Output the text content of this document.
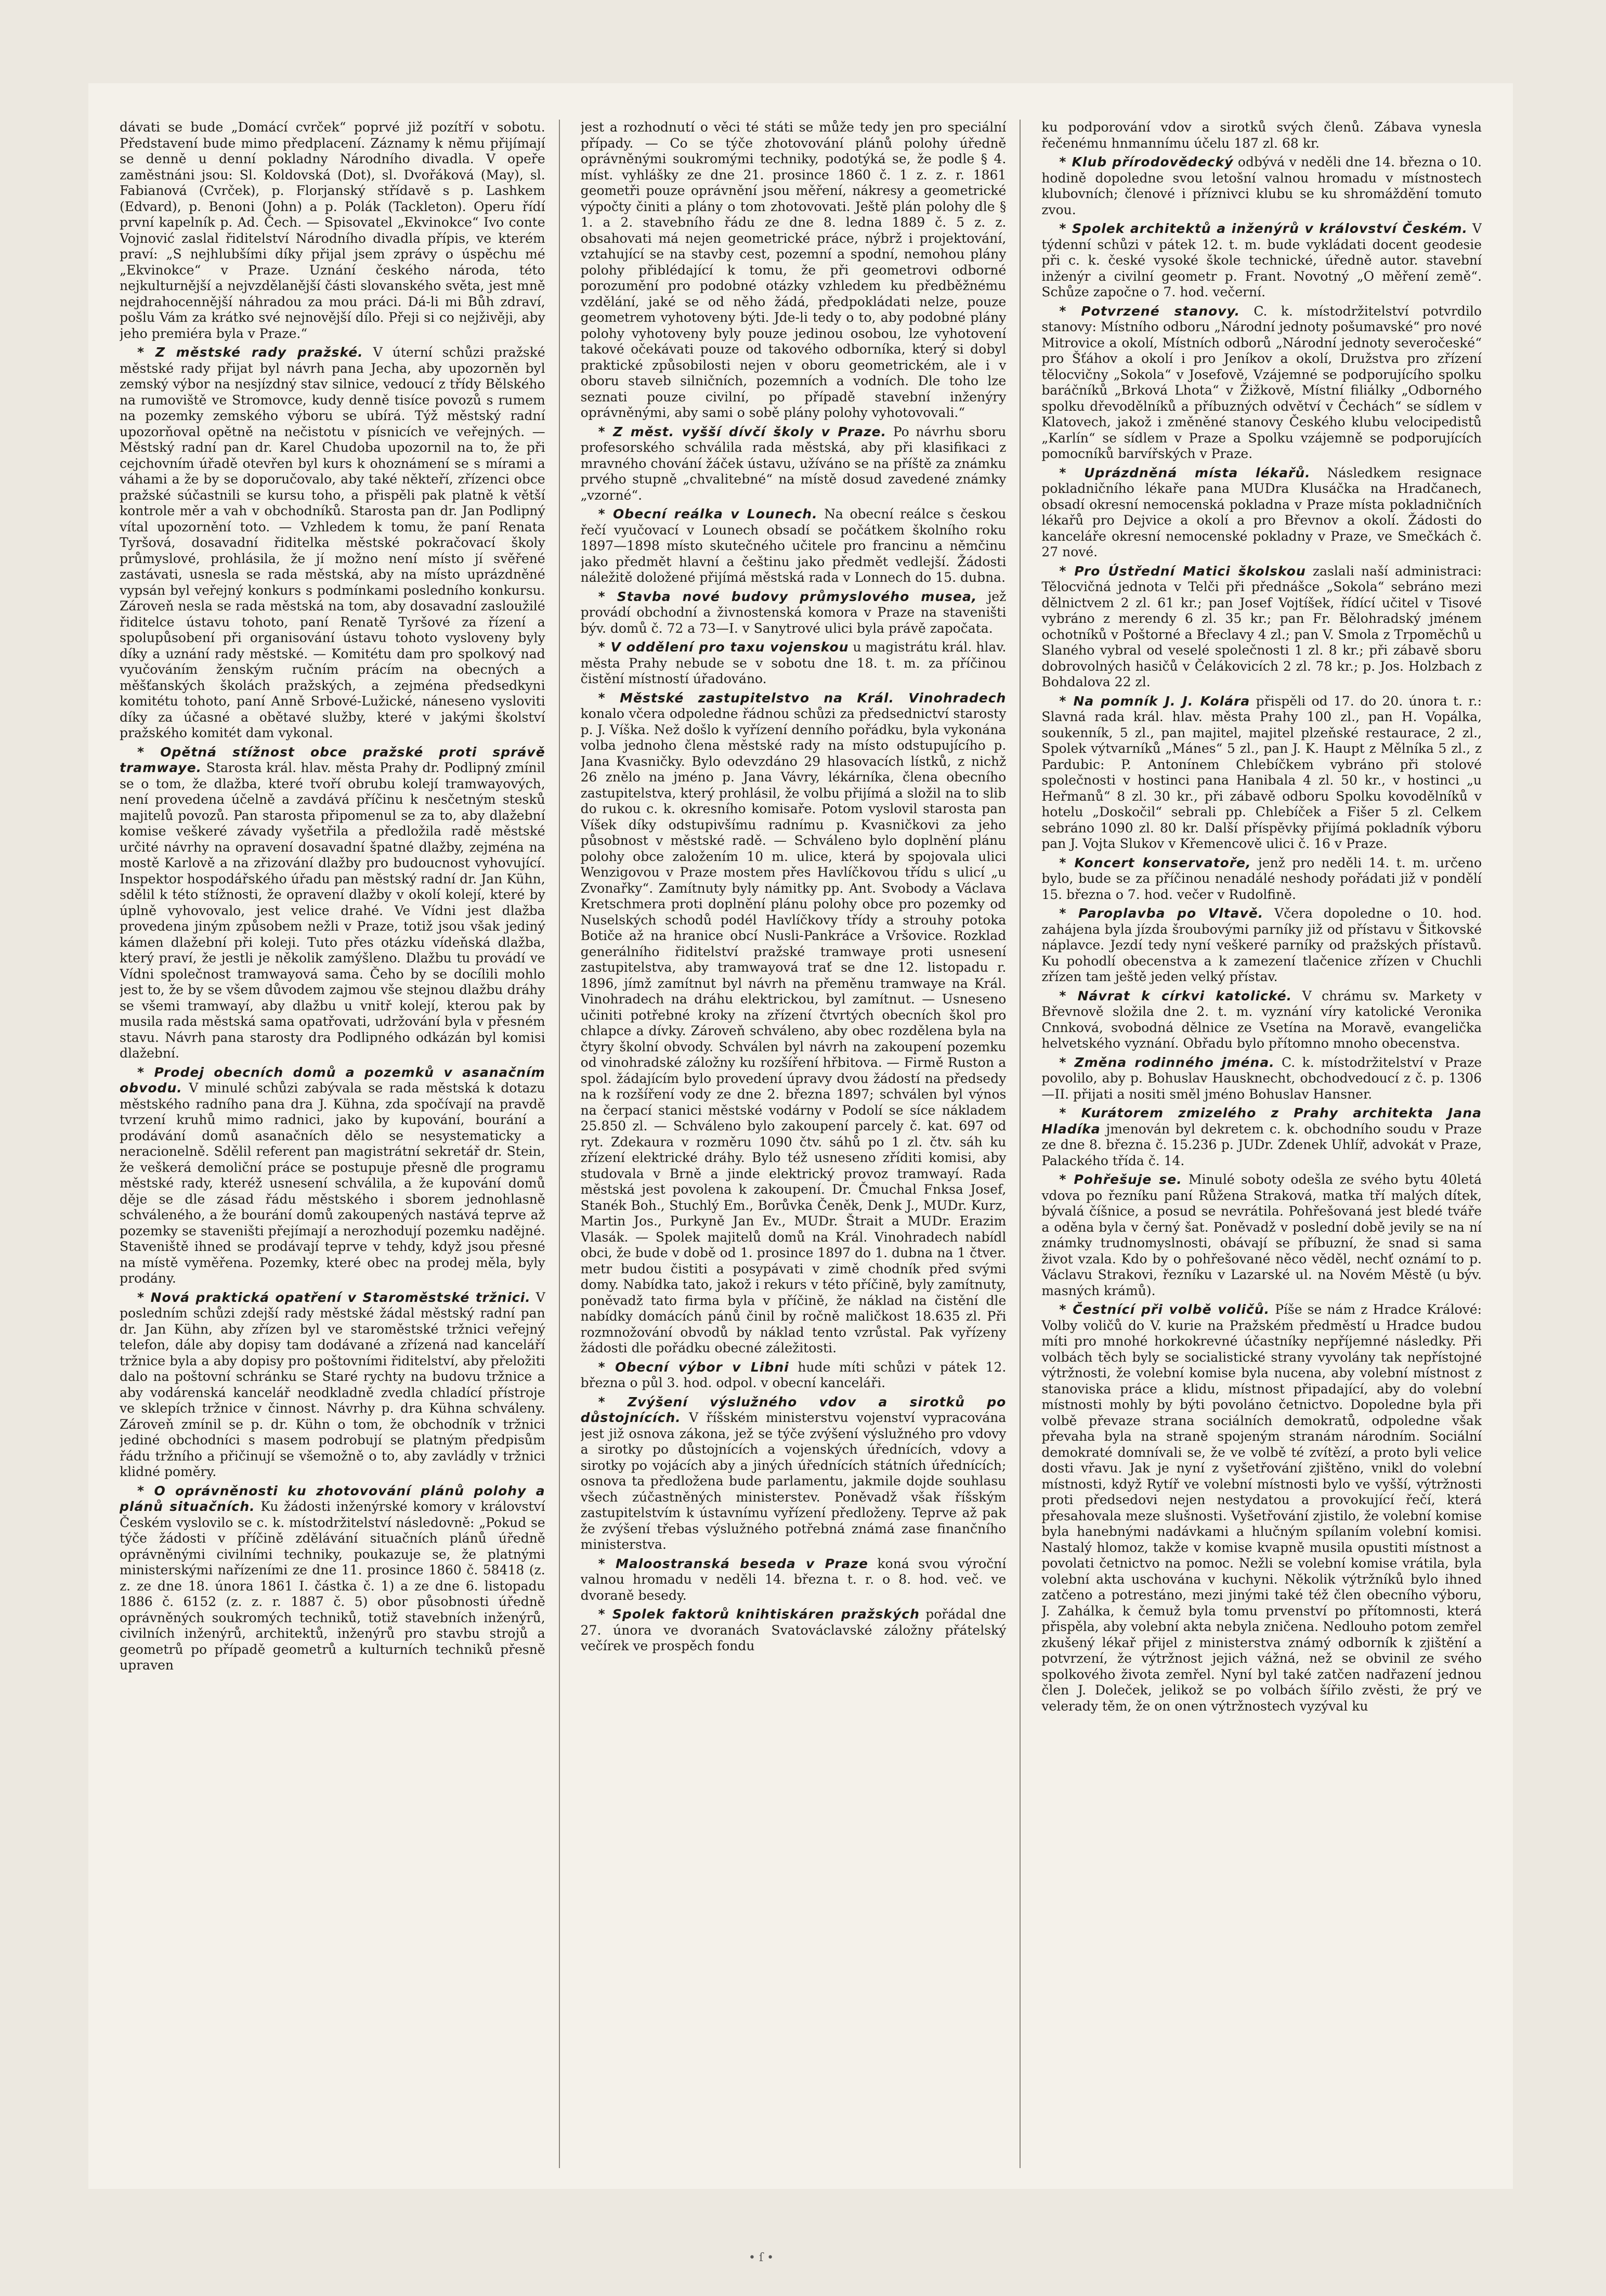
dávati se bude „Domácí cvrček“ poprvé již pozítří v sobotu. Představení bude mimo předplacení. Záznamy k němu přijímají se denně u denní pokladny Národního divadla. V opeře zaměstnáni jsou: Sl. Koldovská (Dot), sl. Dvořáková (May), sl. Fabianová (Cvrček), p. Florjanský střídavě s p. Lashkem (Edvard), p. Benoni (John) a p. Polák (Tackleton). Operu řídí první kapelník p. Ad. Čech. — Spisovatel „Ekvinokce“ Ivo conte Vojnović zaslal řiditelství Národního divadla přípis, ve kterém praví: „S nejhlubšími díky přijal jsem zprávy o úspěchu mé „Ekvinokce“ v Praze. Uznání českého národa, této nejkulturnější a nejvzdělanější části slovanského světa, jest mně nejdrahocennější náhradou za mou práci. Dá-li mi Bůh zdraví, pošlu Vám za krátko své nejnovější dílo. Přeji si co nejživěji, aby jeho premiéra byla v Praze.“

* Z městské rady pražské. V úterní schůzi pražské městské rady přijat byl návrh pana Jecha, aby upozorněn byl zemský výbor na nesjízdný stav silnice, vedoucí z třídy Bělského na rumoviště ve Stromovce, kudy denně tisíce povozů s rumem na pozemky zemského výboru se ubírá. Týž městský radní upozorňoval opětně na nečistotu v písnicích ve veřejných. — Městský radní pan dr. Karel Chudoba upozornil na to, že při cejchovním úřadě otevřen byl kurs k ohoznámení se s mírami a váhami a že by se doporučovalo, aby také někteří, zřízenci obce pražské súčastnili se kursu toho, a přispěli pak platně k větší kontrole měr a vah v obchodníků. Starosta pan dr. Jan Podlipný vítal upozornění toto. — Vzhledem k tomu, že paní Renata Tyršová, dosavadní řiditelka městské pokračovací školy průmyslové, prohlásila, že jí možno není místo jí svěřené zastávati, usnesla se rada městská, aby na místo uprázdněné vypsán byl veřejný konkurs s podmínkami posledního konkursu. Zároveň nesla se rada městská na tom, aby dosavadní zasloužilé řiditelce ústavu tohoto, paní Renatě Tyršové za řízení a spolupůsobení při organisování ústavu tohoto vysloveny byly díky a uznání rady městské. — Komitétu dam pro spolkový nad vyučováním ženským ručním prácím na obecných a měšťanských školách pražských, a zejména předsedkyni komitétu tohoto, paní Anně Srbové-Lužické, náneseno vysloviti díky za účasné a obětavé služby, které v jakými školství pražského komitét dam vykonal.

* Opětná stížnost obce pražské proti správě tramwaye. Starosta král. hlav. města Prahy dr. Podlipný zmínil se o tom, že dlažba, které tvoří obrubu kolejí tramwayových, není provedena účelně a zavdává příčinu k nesčetným stesků majitelů povozů. Pan starosta připomenul se za to, aby dlažební komise veškeré závady vyšetřila a předložila radě městské určité návrhy na opravení dosavadní špatné dlažby, zejména na mostě Karlově a na zřizování dlažby pro budoucnost vyhovující. Inspektor hospodářského úřadu pan městský radní dr. Jan Kühn, sdělil k této stížnosti, že opravení dlažby v okolí kolejí, které by úplně vyhovovalo, jest velice drahé. Ve Vídni jest dlažba provedena jiným způsobem nežli v Praze, totiž jsou však jediný kámen dlažební při koleji. Tuto přes otázku vídeňská dlažba, který praví, že jestli je několik zamýšleno. Dlažbu tu provádí ve Vídni společnost tramwayová sama. Čeho by se docílili mohlo jest to, že by se všem důvodem zajmou vše stejnou dlažbu dráhy se všemi tramwayí, aby dlažbu u vnitř kolejí, kterou pak by musila rada městská sama opatřovati, udržování byla v přesném stavu. Návrh pana starosty dra Podlipného odkázán byl komisi dlažební.

* Prodej obecních domů a pozemků v asanačním obvodu. V minulé schůzi zabývala se rada městská k dotazu městského radního pana dra J. Kühna, zda spočívají na pravdě tvrzení kruhů mimo radnici, jako by kupování, bourání a prodávání domů asanačních dělo se nesystematicky a neracionelně. Sdělil referent pan magistrátní sekretář dr. Stein, že veškerá demoliční práce se postupuje přesně dle programu městské rady, kteréž usnesení schválila, a že kupování domů děje se dle zásad řádu městského i sborem jednohlasně schváleného, a že bourání domů zakoupených nastává teprve až pozemky se staveništi přejímají a nerozhodují pozemku nadějné. Staveniště ihned se prodávají teprve v tehdy, když jsou přesné na místě vyměřena. Pozemky, které obec na prodej měla, byly prodány.

* Nová praktická opatření v Staroměstské tržnici. V posledním schůzi zdejší rady městské žádal městský radní pan dr. Jan Kühn, aby zřízen byl ve staroměstské tržnici veřejný telefon, dále aby dopisy tam dodávané a zřízená nad kanceláří tržnice byla a aby dopisy pro poštovními řiditelství, aby přeložiti dalo na poštovní schránku se Staré rychty na budovu tržnice a aby vodárenská kancelář neodkladně zvedla chladící přístroje ve sklepích tržnice v činnost. Návrhy p. dra Kühna schváleny. Zároveň zmínil se p. dr. Kühn o tom, že obchodník v tržnici jediné obchodníci s masem podrobují se platným předpisům řádu tržního a přičinují se všemožně o to, aby zavládly v tržnici klidné poměry.

* O oprávněnosti ku zhotovování plánů polohy a plánů situačních. Ku žádosti inženýrské komory v království Českém vyslovilo se c. k. místodržitelství následovně: „Pokud se týče žádosti v příčině zdělávání situačních plánů úředně oprávněnými civilními techniky, poukazuje se, že platnými ministerskými nařízeními ze dne 11. prosince 1860 č. 58418 (z. z. ze dne 18. února 1861 I. částka č. 1) a ze dne 6. listopadu 1886 č. 6152 (z. z. r. 1887 č. 5) obor působnosti úředně oprávněných soukromých techniků, totiž stavebních inženýrů, civilních inženýrů, architektů, inženýrů pro stavbu strojů a geometrů po případě geometrů a kulturních techniků přesně upraven

jest a rozhodnutí o věci té státi se může tedy jen pro speciální případy. — Co se týče zhotovování plánů polohy úředně oprávněnými soukromými techniky, podotýká se, že podle § 4. míst. vyhlášky ze dne 21. prosince 1860 č. 1 z. z. r. 1861 geometři pouze oprávnění jsou měření, nákresy a geometrické výpočty činiti a plány o tom zhotovovati. Ještě plán polohy dle § 1. a 2. stavebního řádu ze dne 8. ledna 1889 č. 5 z. z. obsahovati má nejen geometrické práce, nýbrž i projektování, vztahující se na stavby cest, pozemní a spodní, nemohou plány polohy přiblédající k tomu, že při geometrovi odborné porozumění pro podobné otázky vzhledem ku předběžnému vzdělání, jaké se od něho žádá, předpokládati nelze, pouze geometrem vyhotoveny býti. Jde-li tedy o to, aby podobné plány polohy vyhotoveny byly pouze jedinou osobou, lze vyhotovení takové očekávati pouze od takového odborníka, který si dobyl praktické způsobilosti nejen v oboru geometrickém, ale i v oboru staveb silničních, pozemních a vodních. Dle toho lze seznati pouze civilní, po případě stavební inženýry oprávněnými, aby sami o sobě plány polohy vyhotovovali.“

* Z měst. vyšší dívčí školy v Praze. Po návrhu sboru profesorského schválila rada městská, aby při klasifikaci z mravného chování žáček ústavu, užíváno se na příště za známku prvého stupně „chvalitebné“ na místě dosud zavedené známky „vzorné“.

* Obecní reálka v Lounech. Na obecní reálce s českou řečí vyučovací v Lounech obsadí se počátkem školního roku 1897—1898 místo skutečného učitele pro francinu a němčinu jako předmět hlavní a češtinu jako předmět vedlejší. Žádosti náležitě doložené přijímá městská rada v Lonnech do 15. dubna.

* Stavba nové budovy průmyslového musea, jež provádí obchodní a živnostenská komora v Praze na staveništi býv. domů č. 72 a 73—I. v Sanytrové ulici byla právě započata.

* V oddělení pro taxu vojenskou u magistrátu král. hlav. města Prahy nebude se v sobotu dne 18. t. m. za příčinou čistění místností úřadováno.

* Městské zastupitelstvo na Král. Vinohradech konalo včera odpoledne řádnou schůzi za předsednictví starosty p. J. Víška. Než došlo k vyřízení denního pořádku, byla vykonána volba jednoho člena městské rady na místo odstupujícího p. Jana Kvasničky. Bylo odevzdáno 29 hlasovacích lístků, z nichž 26 znělo na jméno p. Jana Vávry, lékárníka, člena obecního zastupitelstva, který prohlásil, že volbu přijímá a složil na to slib do rukou c. k. okresního komisaře. Potom vyslovil starosta pan Víšek díky odstupivšímu radnímu p. Kvasničkovi za jeho působnost v městské radě. — Schváleno bylo doplnění plánu polohy obce založením 10 m. ulice, která by spojovala ulici Wenzigovou v Praze mostem přes Havlíčkovou třídu s ulicí „u Zvonařky“. Zamítnuty byly námitky pp. Ant. Svobody a Václava Kretschmera proti doplnění plánu polohy obce pro pozemky od Nuselských schodů podél Havlíčkovy třídy a strouhy potoka Botiče až na hranice obcí Nusli-Pankráce a Vršovice. Rozklad generálního řiditelství pražské tramwaye proti usnesení zastupitelstva, aby tramwayová trať se dne 12. listopadu r. 1896, jímž zamítnut byl návrh na přeměnu tramwaye na Král. Vinohradech na dráhu elektrickou, byl zamítnut. — Usneseno učiniti potřebné kroky na zřízení čtvrtých obecních škol pro chlapce a dívky. Zároveň schváleno, aby obec rozdělena byla na čtyry školní obvody. Schválen byl návrh na zakoupení pozemku od vinohradské záložny ku rozšíření hřbitova. — Firmě Ruston a spol. žádajícím bylo provedení úpravy dvou žádostí na předsedy na k rozšíření vody ze dne 2. března 1897; schválen byl výnos na čerpací stanici městské vodárny v Podolí se síce nákladem 25.850 zl. — Schváleno bylo zakoupení parcely č. kat. 697 od ryt. Zdekaura v rozměru 1090 čtv. sáhů po 1 zl. čtv. sáh ku zřízení elektrické dráhy. Bylo též usneseno zříditi komisi, aby studovala v Brně a jinde elektrický provoz tramwayí. Rada městská jest povolena k zakoupení. Dr. Čmuchal Fnksa Josef, Stanék Boh., Stuchlý Em., Borůvka Čeněk, Denk J., MUDr. Kurz, Martin Jos., Purkyně Jan Ev., MUDr. Štrait a MUDr. Erazim Vlasák. — Spolek majitelů domů na Král. Vinohradech nabídl obci, že bude v době od 1. prosince 1897 do 1. dubna na 1 čtver. metr budou čistiti a posypávati v zimě chodník před svými domy. Nabídka tato, jakož i rekurs v této příčině, byly zamítnuty, poněvadž tato firma byla v příčině, že náklad na čistění dle nabídky domácích pánů činil by ročně maličkost 18.635 zl. Při rozmnožování obvodů by náklad tento vzrůstal. Pak vyřízeny žádosti dle pořádku obecné záležitosti.

* Obecní výbor v Libni hude míti schůzi v pátek 12. března o půl 3. hod. odpol. v obecní kanceláři.

* Zvýšení výslužného vdov a sirotků po důstojnících. V říšském ministerstvu vojenství vypracována jest již osnova zákona, jež se týče zvýšení výslužného pro vdovy a sirotky po důstojnících a vojenských úřednících, vdovy a sirotky po vojácích aby a jiných úřednících státních úřednících; osnova ta předložena bude parlamentu, jakmile dojde souhlasu všech zúčastněných ministerstev. Poněvadž však říšským zastupitelstvím k ústavnímu vyřízení předloženy. Teprve až pak že zvýšení třebas výslužného potřebná známá zase finančního ministerstva.

* Maloostranská beseda v Praze koná svou výroční valnou hromadu v neděli 14. března t. r. o 8. hod. več. ve dvoraně besedy.

* Spolek faktorů knihtiskáren pražských pořádal dne 27. února ve dvoranách Svatováclavské záložny přátelský večírek ve prospěch fondu

ku podporování vdov a sirotků svých členů. Zábava vynesla řečenému hnmannímu účelu 187 zl. 68 kr.

* Klub přírodovědecký odbývá v neděli dne 14. března o 10. hodině dopoledne svou letošní valnou hromadu v místnostech klubovních; členové i příznivci klubu se ku shromáždění tomuto zvou.

* Spolek architektů a inženýrů v království Českém. V týdenní schůzi v pátek 12. t. m. bude vykládati docent geodesie při c. k. české vysoké škole technické, úředně autor. stavební inženýr a civilní geometr p. Frant. Novotný „O měření země“. Schůze započne o 7. hod. večerní.

* Potvrzené stanovy. C. k. místodržitelství potvrdilo stanovy: Místního odboru „Národní jednoty pošumavské“ pro nové Mitrovice a okolí, Místních odborů „Národní jednoty severočeské“ pro Šťáhov a okolí i pro Jeníkov a okolí, Družstva pro zřízení tělocvičny „Sokola“ v Josefově, Vzájemné se podporujícího spolku baráčníků „Brková Lhota“ v Žižkově, Místní filiálky „Odborného spolku dřevodělníků a příbuzných odvětví v Čechách“ se sídlem v Klatovech, jakož i změněné stanovy Českého klubu velocipedistů „Karlín“ se sídlem v Praze a Spolku vzájemně se podporujících pomocníků barvířských v Praze.

* Uprázdněná místa lékařů. Následkem resignace pokladničního lékaře pana MUDra Klusáčka na Hradčanech, obsadí okresní nemocenská pokladna v Praze místa pokladničních lékařů pro Dejvice a okolí a pro Břevnov a okolí. Žádosti do kanceláře okresní nemocenské pokladny v Praze, ve Smečkách č. 27 nové.

* Pro Ústřední Matici školskou zaslali naší administraci: Tělocvičná jednota v Telči při přednášce „Sokola“ sebráno mezi dělnictvem 2 zl. 61 kr.; pan Josef Vojtíšek, řídící učitel v Tisové vybráno z merendy 6 zl. 35 kr.; pan Fr. Bělohradský jménem ochotníků v Poštorné a Břeclavy 4 zl.; pan V. Smola z Trpoměchů u Slaného vybral od veselé společnosti 1 zl. 8 kr.; při zábavě sboru dobrovolných hasičů v Čelákovicích 2 zl. 78 kr.; p. Jos. Holzbach z Bohdalova 22 zl.

* Na pomník J. J. Kolára přispěli od 17. do 20. února t. r.: Slavná rada král. hlav. města Prahy 100 zl., pan H. Vopálka, soukenník, 5 zl., pan majitel, majitel plzeňské restaurace, 2 zl., Spolek výtvarníků „Mánes“ 5 zl., pan J. K. Haupt z Mělníka 5 zl., z Pardubic: P. Antonínem Chlebíčkem vybráno při stolové společnosti v hostinci pana Hanibala 4 zl. 50 kr., v hostinci „u Heřmanů“ 8 zl. 30 kr., při zábavě odboru Spolku kovodělníků v hotelu „Doskočil“ sebrali pp. Chlebíček a Fišer 5 zl. Celkem sebráno 1090 zl. 80 kr. Další příspěvky přijímá pokladník výboru pan J. Vojta Slukov v Křemencově ulici č. 16 v Praze.

* Koncert konservatoře, jenž pro neděli 14. t. m. určeno bylo, bude se za příčinou nenadálé neshody pořádati již v pondělí 15. března o 7. hod. večer v Rudolfině.

* Paroplavba po Vltavě. Včera dopoledne o 10. hod. zahájena byla jízda šroubovými parníky již od přístavu v Šitkovské náplavce. Jezdí tedy nyní veškeré parníky od pražských přístavů. Ku pohodlí obecenstva a k zamezení tlačenice zřízen v Chuchli zřízen tam ještě jeden velký přístav.

* Návrat k církvi katolické. V chrámu sv. Markety v Břevnově složila dne 2. t. m. vyznání víry katolické Veronika Cnnková, svobodná dělnice ze Vsetína na Moravě, evangelička helvetského vyznání. Obřadu bylo přítomno mnoho obecenstva.

* Změna rodinného jména. C. k. místodržitelství v Praze povolilo, aby p. Bohuslav Hausknecht, obchodvedoucí z č. p. 1306—II. přijati a nositi směl jméno Bohuslav Hansner.

* Kurátorem zmizelého z Prahy architekta Jana Hladíka jmenován byl dekretem c. k. obchodního soudu v Praze ze dne 8. března č. 15.236 p. JUDr. Zdenek Uhlíř, advokát v Praze, Palackého třída č. 14.

* Pohřešuje se. Minulé soboty odešla ze svého bytu 40letá vdova po řezníku paní Růžena Straková, matka tří malých dítek, bývalá číšnice, a posud se nevrátila. Pohřešovaná jest bledé tváře a oděna byla v černý šat. Poněvadž v poslední době jevily se na ní známky trudnomyslnosti, obávají se příbuzní, že snad si sama život vzala. Kdo by o pohřešované něco věděl, nechť oznámí to p. Václavu Strakovi, řezníku v Lazarské ul. na Novém Městě (u býv. masných krámů).

* Čestnící při volbě voličů. Píše se nám z Hradce Králové: Volby voličů do V. kurie na Pražském předměstí u Hradce budou míti pro mnohé horkokrevné účastníky nepříjemné následky. Při volbách těch byly se socialistické strany vyvolány tak nepřístojné výtržnosti, že volební komise byla nucena, aby volební místnost z stanoviska práce a klidu, místnost připadající, aby do volební místnosti mohly by býti povoláno četnictvo. Dopoledne byla při volbě převaze strana sociálních demokratů, odpoledne však převaha byla na straně spojeným stranám národním. Sociální demokraté domnívali se, že ve volbě té zvítězí, a proto byli velice dosti vřavu. Jak je nyní z vyšetřování zjištěno, vnikl do volební místnosti, když Rytíř ve volební místnosti bylo ve vyšší, výtržnosti proti předsedovi nejen nestydatou a provokující řečí, která přesahovala meze slušnosti. Vyšetřování zjistilo, že volební komise byla hanebnými nadávkami a hlučným spílaním volební komisi. Nastalý hlomoz, takže v komise kvapně musila opustiti místnost a povolati četnictvo na pomoc. Nežli se volební komise vrátila, byla volební akta uschována v kuchyni. Několik výtržníků bylo ihned zatčeno a potrestáno, mezi jinými také též člen obecního výboru, J. Zahálka, k čemuž byla tomu prvenství po přítomnosti, která přispěla, aby volební akta nebyla zničena. Nedlouho potom zemřel zkušený lékař přijel z ministerstva známý odborník k zjištění a potvrzení, že výtržnost jejich vážná, než se obvinil ze svého spolkového života zemřel. Nyní byl také zatčen nadřazení jednou člen J. Doleček, jelikož se po volbách šířilo zvěsti, že prý ve velerady těm, že on onen výtržnostech vyzýval ku

• ſ •
